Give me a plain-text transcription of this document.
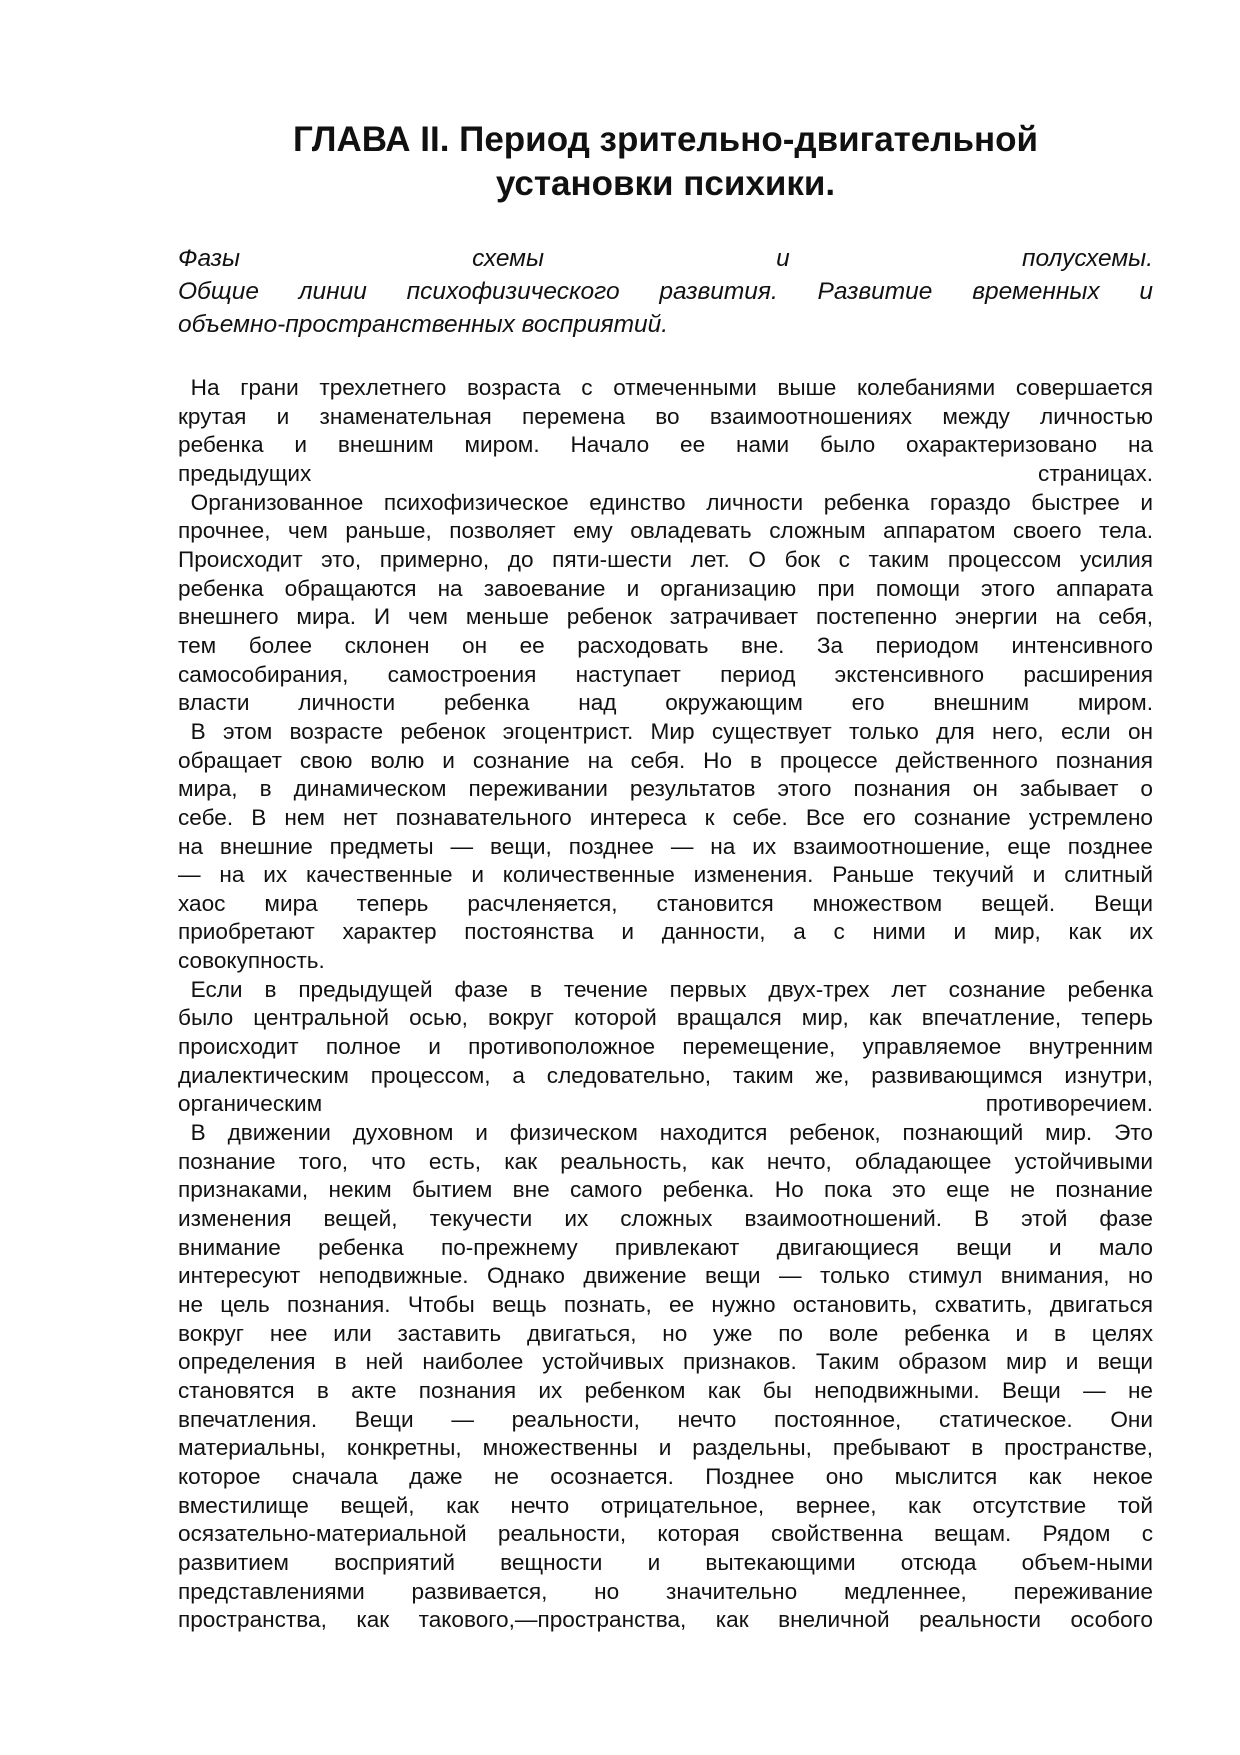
ГЛАВА II. Период зрительно-двигательной
установки психики.
Фазы схемы и полусхемы.
Общие линии психофизического развития. Развитие временных и
объемно-пространственных восприятий.
На грани трехлетнего возраста с отмеченными выше колебаниями совершается
крутая и знаменательная перемена во взаимоотношениях между личностью
ребенка и внешним миром. Начало ее нами было охарактеризовано на
предыдущих страницах.
Организованное психофизическое единство личности ребенка гораздо быстрее и
прочнее, чем раньше, позволяет ему овладевать сложным аппаратом своего тела.
Происходит это, примерно, до пяти-шести лет. О бок с таким процессом усилия
ребенка обращаются на завоевание и организацию при помощи этого аппарата
внешнего мира. И чем меньше ребенок затрачивает постепенно энергии на себя,
тем более склонен он ее расходовать вне. За периодом интенсивного
самособирания, самостроения наступает период экстенсивного расширения
власти личности ребенка над окружающим его внешним миром.
В этом возрасте ребенок эгоцентрист. Мир существует только для него, если он
обращает свою волю и сознание на себя. Но в процессе действенного познания
мира, в динамическом переживании результатов этого познания он забывает о
себе. В нем нет познавательного интереса к себе. Все его сознание устремлено
на внешние предметы — вещи, позднее — на их взаимоотношение, еще позднее
— на их качественные и количественные изменения. Раньше текучий и слитный
хаос мира теперь расчленяется, становится множеством вещей. Вещи
приобретают характер постоянства и данности, а с ними и мир, как их
совокупность.
Если в предыдущей фазе в течение первых двух-трех лет сознание ребенка
было центральной осью, вокруг которой вращался мир, как впечатление, теперь
происходит полное и противоположное перемещение, управляемое внутренним
диалектическим процессом, а следовательно, таким же, развивающимся изнутри,
органическим противоречием.
В движении духовном и физическом находится ребенок, познающий мир. Это
познание того, что есть, как реальность, как нечто, обладающее устойчивыми
признаками, неким бытием вне самого ребенка. Но пока это еще не познание
изменения вещей, текучести их сложных взаимоотношений. В этой фазе
внимание ребенка по-прежнему привлекают двигающиеся вещи и мало
интересуют неподвижные. Однако движение вещи — только стимул внимания, но
не цель познания. Чтобы вещь познать, ее нужно остановить, схватить, двигаться
вокруг нее или заставить двигаться, но уже по воле ребенка и в целях
определения в ней наиболее устойчивых признаков. Таким образом мир и вещи
становятся в акте познания их ребенком как бы неподвижными. Вещи — не
впечатления. Вещи — реальности, нечто постоянное, статическое. Они
материальны, конкретны, множественны и раздельны, пребывают в пространстве,
которое сначала даже не осознается. Позднее оно мыслится как некое
вместилище вещей, как нечто отрицательное, вернее, как отсутствие той
осязательно-материальной реальности, которая свойственна вещам. Рядом с
развитием восприятий вещности и вытекающими отсюда объем-ными
представлениями развивается, но значительно медленнее, переживание
пространства, как такового,—пространства, как внеличной реальности особого
